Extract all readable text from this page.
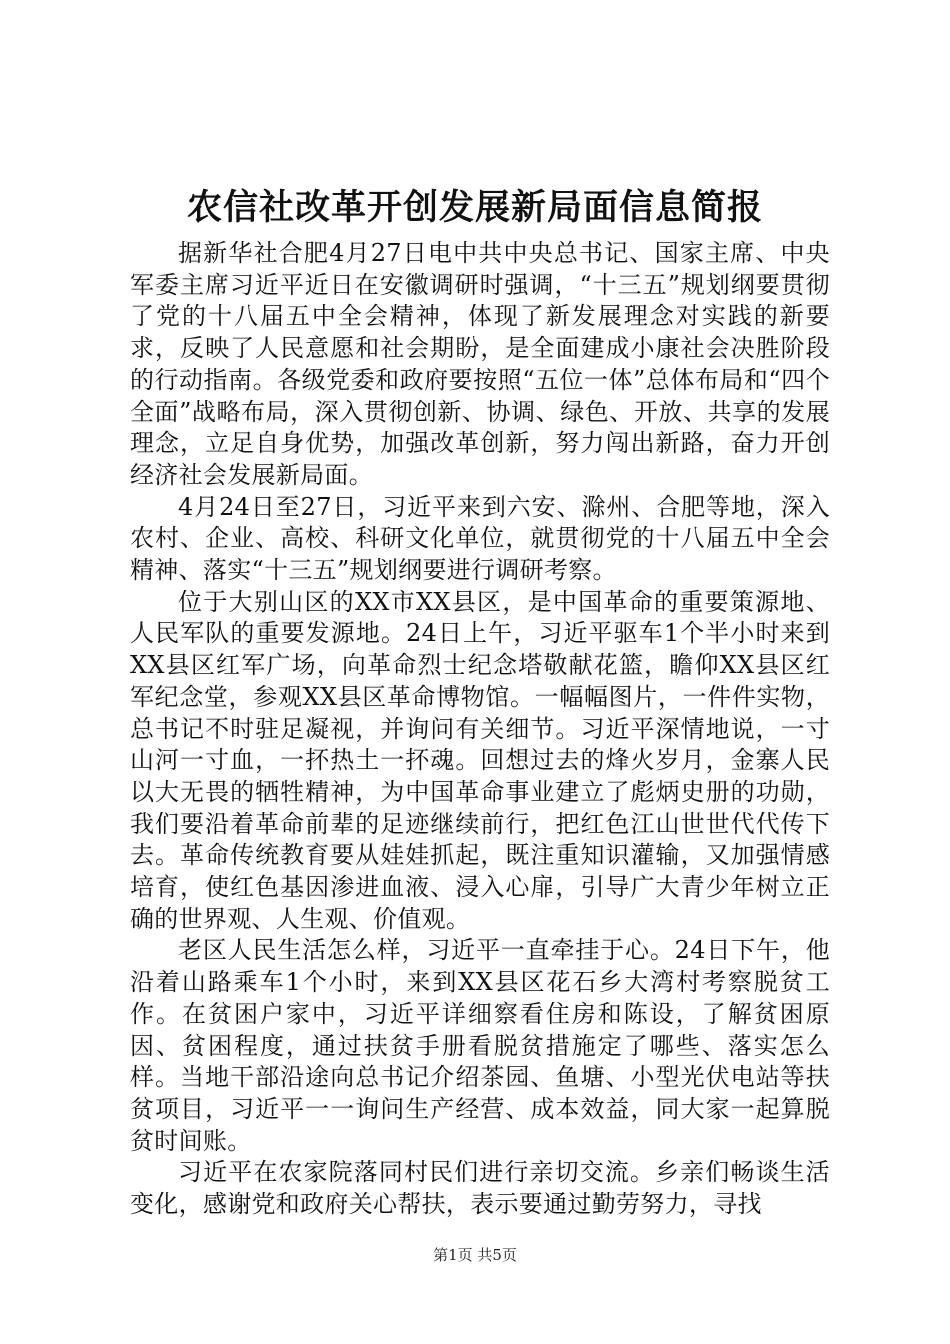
农信社改革开创发展新局面信息简报

据新华社合肥4月27日电中共中央总书记、国家主席、中央军委主席习近平近日在安徽调研时强调，“十三五”规划纲要贯彻了党的十八届五中全会精神，体现了新发展理念对实践的新要求，反映了人民意愿和社会期盼，是全面建成小康社会决胜阶段的行动指南。各级党委和政府要按照“五位一体”总体布局和“四个全面”战略布局，深入贯彻创新、协调、绿色、开放、共享的发展理念，立足自身优势，加强改革创新，努力闯出新路，奋力开创经济社会发展新局面。

4月24日至27日，习近平来到六安、滁州、合肥等地，深入农村、企业、高校、科研文化单位，就贯彻党的十八届五中全会精神、落实“十三五”规划纲要进行调研考察。

位于大别山区的XX市XX县区，是中国革命的重要策源地、人民军队的重要发源地。24日上午，习近平驱车1个半小时来到XX县区红军广场，向革命烈士纪念塔敬献花篮，瞻仰XX县区红军纪念堂，参观XX县区革命博物馆。一幅幅图片，一件件实物，总书记不时驻足凝视，并询问有关细节。习近平深情地说，一寸山河一寸血，一抔热土一抔魂。回想过去的烽火岁月，金寨人民以大无畏的牺牲精神，为中国革命事业建立了彪炳史册的功勋，我们要沿着革命前辈的足迹继续前行，把红色江山世世代代传下去。革命传统教育要从娃娃抓起，既注重知识灌输，又加强情感培育，使红色基因渗进血液、浸入心扉，引导广大青少年树立正确的世界观、人生观、价值观。

老区人民生活怎么样，习近平一直牵挂于心。24日下午，他沿着山路乘车1个小时，来到XX县区花石乡大湾村考察脱贫工作。在贫困户家中，习近平详细察看住房和陈设，了解贫困原因、贫困程度，通过扶贫手册看脱贫措施定了哪些、落实怎么样。当地干部沿途向总书记介绍茶园、鱼塘、小型光伏电站等扶贫项目，习近平一一询问生产经营、成本效益，同大家一起算脱贫时间账。

习近平在农家院落同村民们进行亲切交流。乡亲们畅谈生活变化，感谢党和政府关心帮扶，表示要通过勤劳努力，寻找

第1页 共5页
